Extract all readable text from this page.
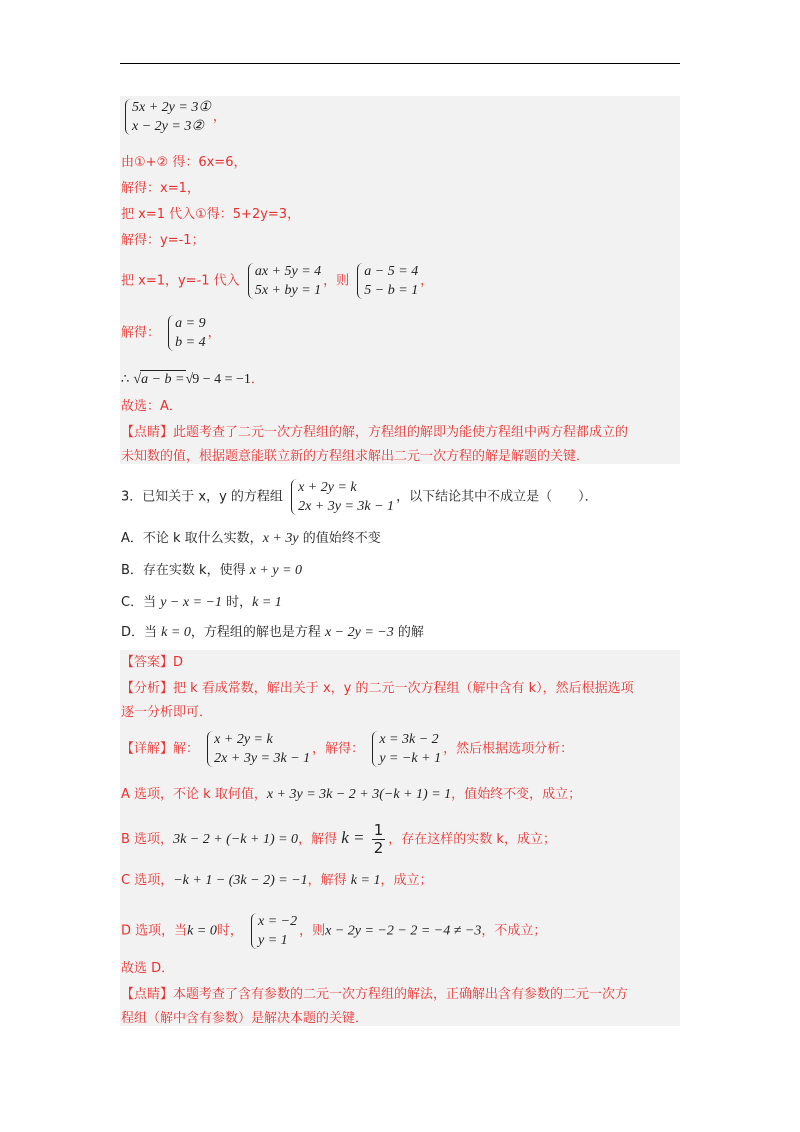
5x + 2y = 3①
x − 2y = 3②
，
由①+② 得：6x=6，
解得：x=1，
把 x=1 代入①得：5+2y=3，
解得：y=-1；
把 x=1，y=-1 代入
ax + 5y = 4
5x + by = 1
，则
a − 5 = 4
5 − b = 1
，
解得：
a = 9
b = 4
，
∴ √a − b =√9 − 4 = −1．
故选：A．
【点睛】此题考查了二元一次方程组的解，方程组的解即为能使方程组中两方程都成立的
未知数的值，根据题意能联立新的方程组求解出二元一次方程的解是解题的关键．
3．已知关于 x，y 的方程组
x + 2y = k
2x + 3y = 3k − 1
，以下结论其中不成立是（　　）．
A．不论 k 取什么实数，x + 3y 的值始终不变
B．存在实数 k，使得 x + y = 0
C．当 y − x = −1 时，k = 1
D．当 k = 0，方程组的解也是方程 x − 2y = −3 的解
【答案】D
【分析】把 k 看成常数，解出关于 x，y 的二元一次方程组（解中含有 k），然后根据选项
逐一分析即可．
【详解】解：
x + 2y = k
2x + 3y = 3k − 1
，解得：
x = 3k − 2
y = −k + 1
，然后根据选项分析：
A 选项，不论 k 取何值，x + 3y = 3k − 2 + 3(−k + 1) = 1，值始终不变，成立；
B 选项，3k − 2 + (−k + 1) = 0，解得 $k = \frac{1}{2}$ ，存在这样的实数 k，成立；
C 选项，−k + 1 − (3k − 2) = −1，解得 k = 1，成立；
D 选项，当k = 0时，
x = −2
y = 1
，则x − 2y = −2 − 2 = −4 ≠ −3，不成立；
故选 D．
【点睛】本题考查了含有参数的二元一次方程组的解法，正确解出含有参数的二元一次方
程组（解中含有参数）是解决本题的关键．
